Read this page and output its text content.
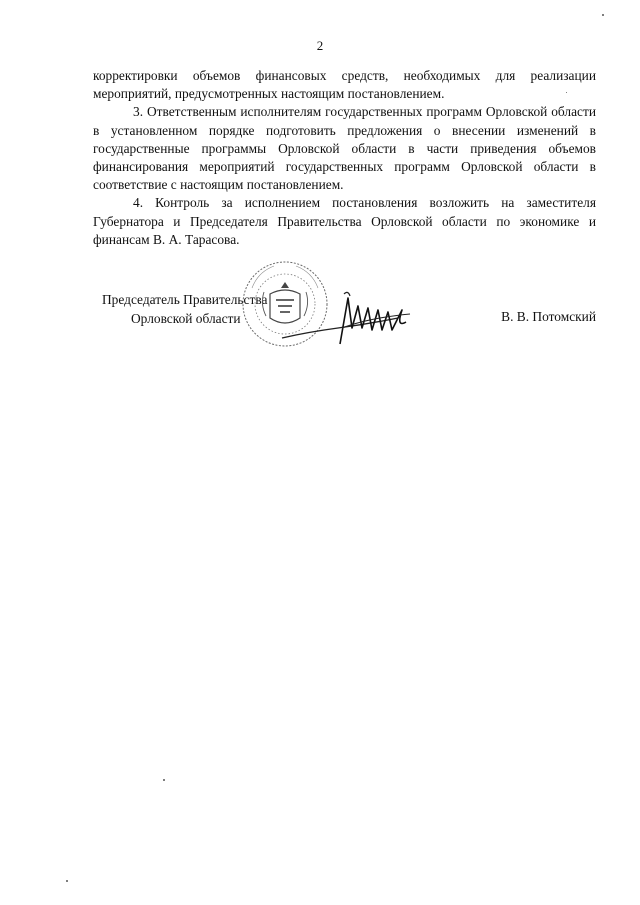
2

корректировки объемов финансовых средств, необходимых для реализации мероприятий, предусмотренных настоящим постановлением.

3. Ответственным исполнителям государственных программ Орловской области в установленном порядке подготовить предложения о внесении изменений в государственные программы Орловской области в части приведения объемов финансирования мероприятий государственных программ Орловской области в соответствие с настоящим постановлением.

4. Контроль за исполнением постановления возложить на заместителя Губернатора и Председателя Правительства Орловской области по экономике и финансам В. А. Тарасова.

Председатель Правительства
Орловской области	В. В. Потомский
